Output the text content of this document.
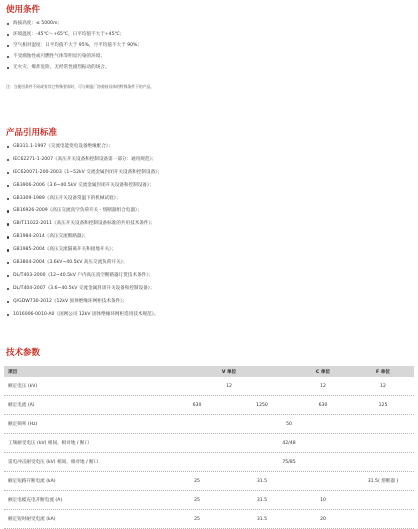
使用条件
海拔高度：≤ 5000m；
环境温度：-45℃～+65℃，日平均值不大于+45℃；
空气相对湿度：日平均值不大于 95%，月平均值不大于 90%；
不受腐蚀性或可燃性气体等明显污染的环境；
无火灾、爆炸危险、无经常性剧烈振动的场合。
注：当使用条件不同或有其它特殊要求时，可与制造厂协商按具体的特殊条件下的产品。
产品引用标准
GB311.1-1997《交流电能变电设备绝缘配合》；
IEC62271-1-2007《高压开关设备和控制设备第一部分：通用规范》；
IEC620071-200-2003《1~52kV 交流金属封闭开关设备和控制设备》；
GB3906-2006《3.6~40.5kV 交流金属封闭开关设备和控制设备》；
GB3309-1989《高压开关设备常温下的机械试验》；
GB16926-2009《高压交流真空负荷开关 - 熔断器组合电器》；
GB/T11022-2011《高压开关设备和控制设备标准的共用技术条件》；
GB1984-2014《高压交流断路器》；
GB1985-2004《高压交流隔离开关和接地开关》；
GB3804-2004《3.6kV~40.5kV 高压交流负荷开关》；
DL/T403-2000《12~40.5kV 户内高压真空断路器订货技术条件》；
DL/T404-2007《3.6~40.5kV 交流金属封闭开关设备和控制设备》；
Q/GDW730-2012《12kV 固体绝缘环网柜技术条件》；
1016006-0010-A0《国网公司 12kV 固体绝缘环网柜选用技术规范》。
技术参数
项目	V 单位	C 单位	F 单位
额定电压 (kV)	12	12	12
额定电流 (A)	630	1250	630	125
额定频率 (Hz)	50
工频耐受电压 (kV) 相间、相对地 / 断口	42/48
雷电冲击耐受电压 (kV) 相间、相对地 / 断口	75/85
额定短路开断电流 (kA)	25	31.5	31.5( 熔断器 )
额定电缆充电开断电流 (A)	25	31.5	10
额定短时耐受电流 (kA)	25	31.5	20
